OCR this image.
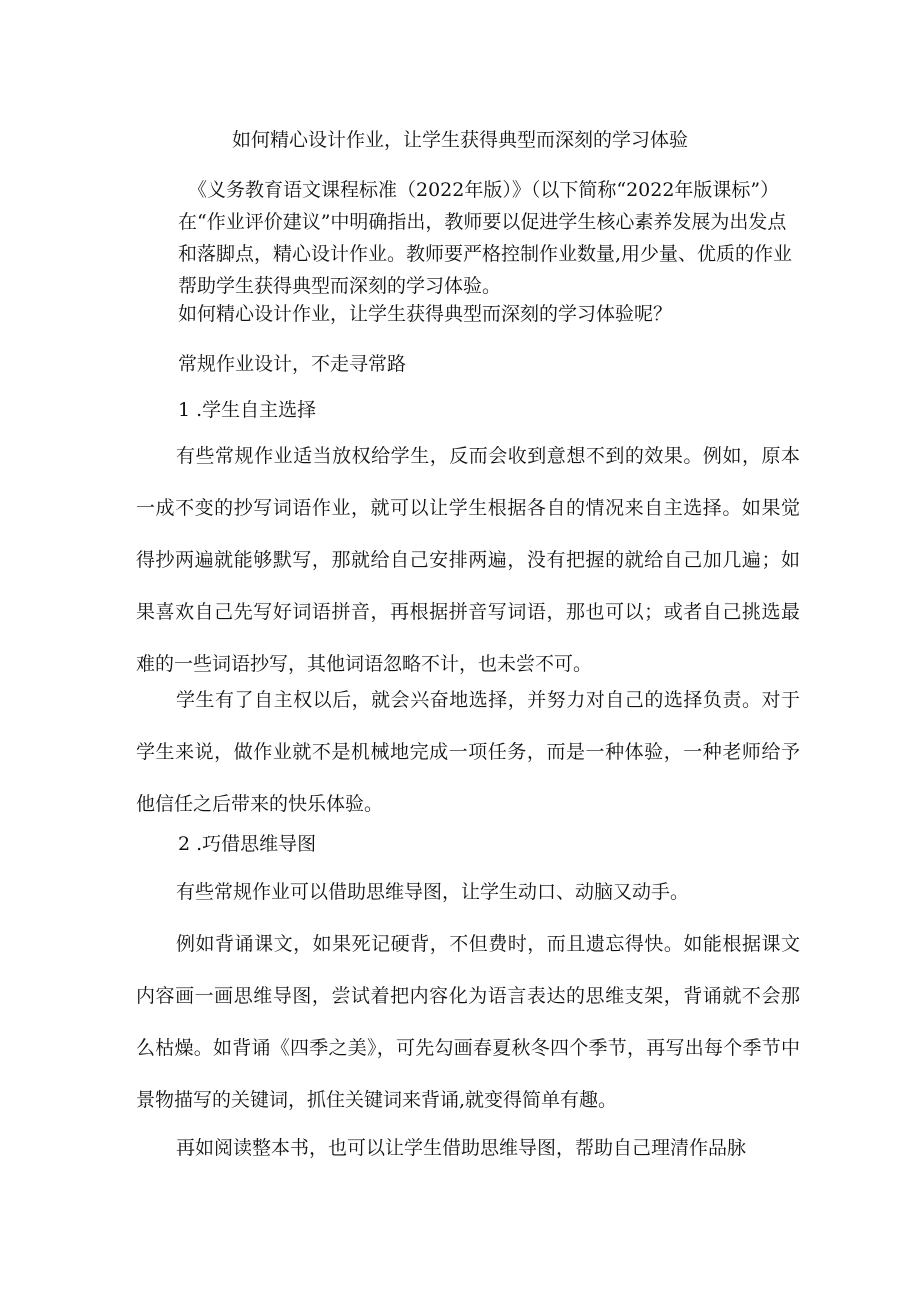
如何精心设计作业，让学生获得典型而深刻的学习体验

《义务教育语文课程标准（2022年版）》（以下简称“2022年版课标”）在“作业评价建议”中明确指出，教师要以促进学生核心素养发展为出发点和落脚点，精心设计作业。教师要严格控制作业数量,用少量、优质的作业帮助学生获得典型而深刻的学习体验。

如何精心设计作业，让学生获得典型而深刻的学习体验呢？

常规作业设计，不走寻常路

1 .学生自主选择

有些常规作业适当放权给学生，反而会收到意想不到的效果。例如，原本一成不变的抄写词语作业，就可以让学生根据各自的情况来自主选择。如果觉得抄两遍就能够默写，那就给自己安排两遍，没有把握的就给自己加几遍；如果喜欢自己先写好词语拼音，再根据拼音写词语，那也可以；或者自己挑选最难的一些词语抄写，其他词语忽略不计，也未尝不可。

学生有了自主权以后，就会兴奋地选择，并努力对自己的选择负责。对于学生来说，做作业就不是机械地完成一项任务，而是一种体验，一种老师给予他信任之后带来的快乐体验。

2 .巧借思维导图

有些常规作业可以借助思维导图，让学生动口、动脑又动手。

例如背诵课文，如果死记硬背，不但费时，而且遗忘得快。如能根据课文内容画一画思维导图，尝试着把内容化为语言表达的思维支架，背诵就不会那么枯燥。如背诵《四季之美》，可先勾画春夏秋冬四个季节，再写出每个季节中景物描写的关键词，抓住关键词来背诵,就变得简单有趣。

再如阅读整本书，也可以让学生借助思维导图，帮助自己理清作品脉
